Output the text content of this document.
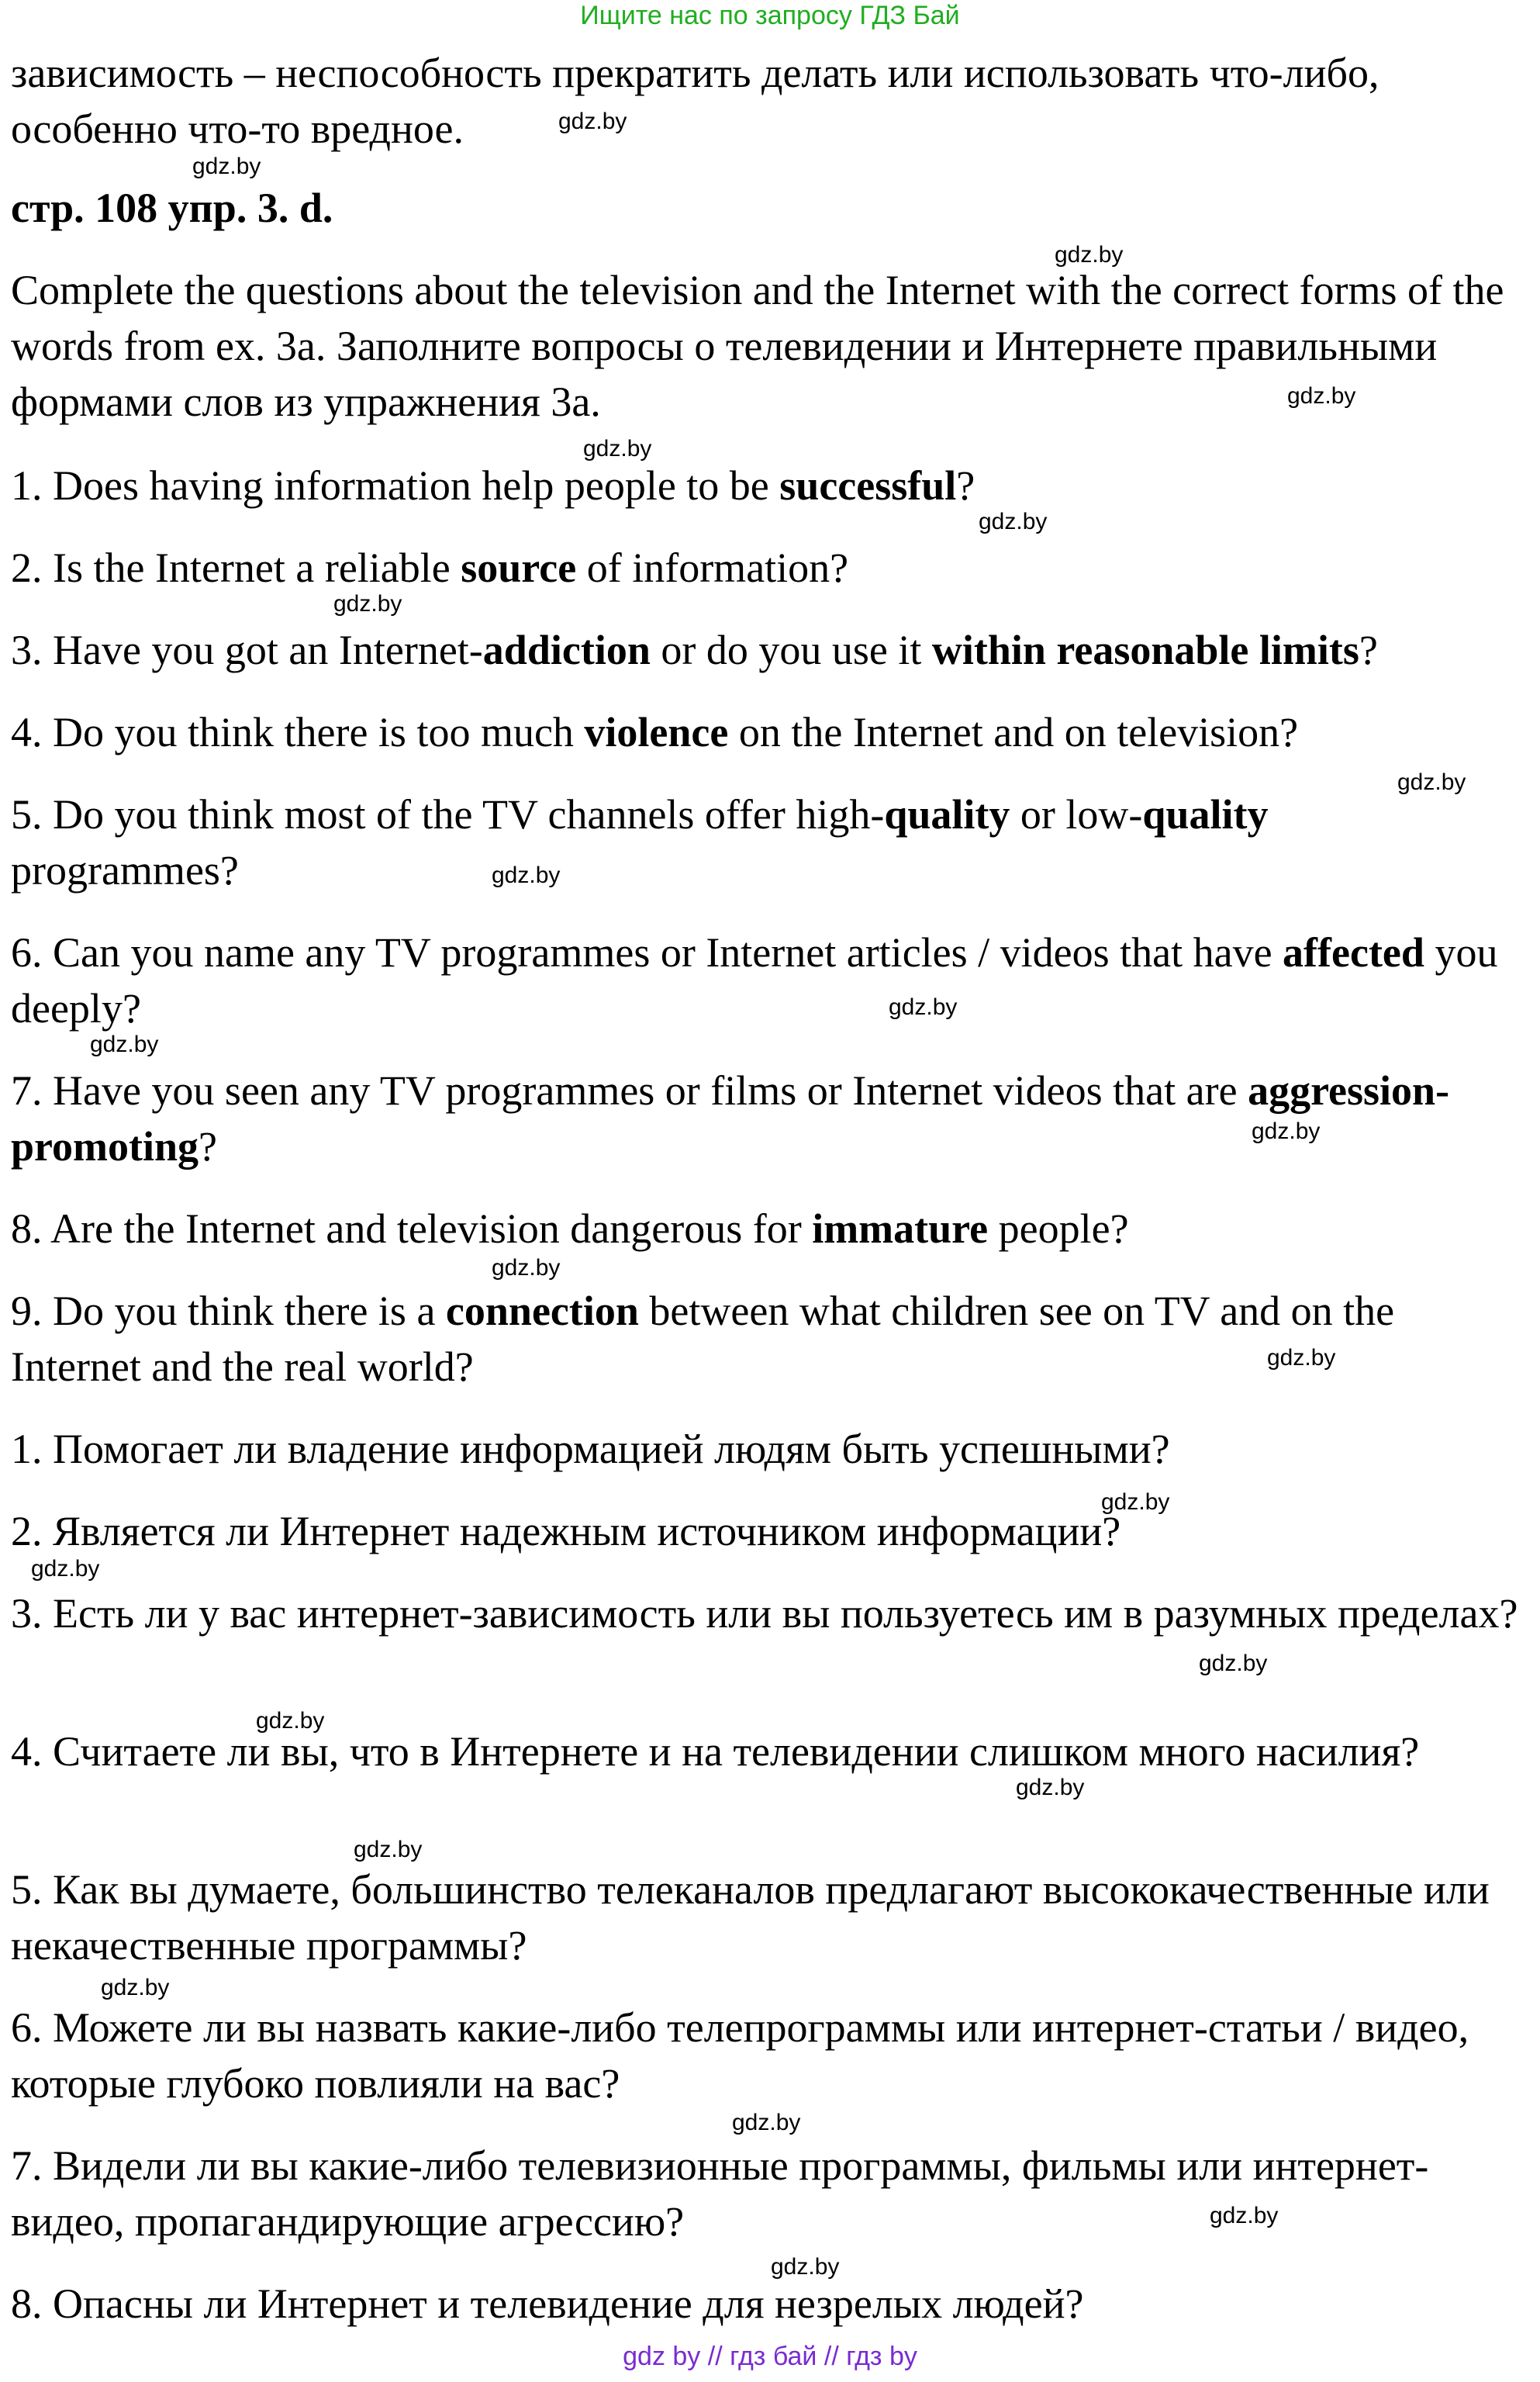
Ищите нас по запросу ГДЗ Бай

зависимость – неспособность прекратить делать или использовать что-либо, особенно что-то вредное.

стр. 108 упр. 3. d.

Complete the questions about the television and the Internet with the correct forms of the words from ex. 3a. Заполните вопросы о телевидении и Интернете правильными формами слов из упражнения 3a.

1. Does having information help people to be successful?

2. Is the Internet a reliable source of information?

3. Have you got an Internet-addiction or do you use it within reasonable limits?

4. Do you think there is too much violence on the Internet and on television?

5. Do you think most of the TV channels offer high-quality or low-quality programmes?

6. Can you name any TV programmes or Internet articles / videos that have affected you deeply?

7. Have you seen any TV programmes or films or Internet videos that are aggression-promoting?

8. Are the Internet and television dangerous for immature people?

9. Do you think there is a connection between what children see on TV and on the Internet and the real world?

1. Помогает ли владение информацией людям быть успешными?

2. Является ли Интернет надежным источником информации?

3. Есть ли у вас интернет-зависимость или вы пользуетесь им в разумных пределах?

4. Считаете ли вы, что в Интернете и на телевидении слишком много насилия?

5. Как вы думаете, большинство телеканалов предлагают высококачественные или некачественные программы?

6. Можете ли вы назвать какие-либо телепрограммы или интернет-статьи / видео, которые глубоко повлияли на вас?

7. Видели ли вы какие-либо телевизионные программы, фильмы или интернет-видео, пропагандирующие агрессию?

8. Опасны ли Интернет и телевидение для незрелых людей?

gdz.by
gdz.by
gdz.by
gdz.by
gdz.by
gdz.by
gdz.by
gdz.by
gdz.by
gdz.by
gdz.by
gdz.by
gdz.by
gdz.by
gdz.by
gdz.by
gdz.by
gdz.by
gdz.by
gdz.by
gdz.by
gdz.by
gdz.by
gdz.by
gdz by // гдз бай // гдз by
